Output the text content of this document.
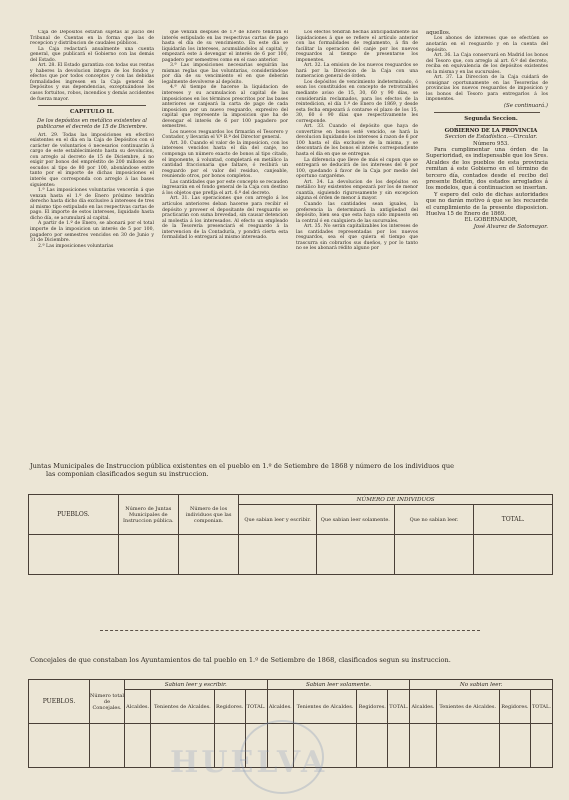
Caja de Depósitos estarán sujetas al juicio del Tribunal de Cuentas en la forma que las de recepcion y distribucion de caudales públicos.

La Caja redactará anualmente una cuenta general, que publicará el Gobierno con las demás del Estado.

Art. 28. El Estado garantiza con todas sus rentas y haberes la devolucion íntegra de los fondos y efectos que por todos conceptos y con las debidas formalidades ingresen en la Caja general de Depósitos y sus dependencias, exceptuándose los casos fortuitos, robos, incendios y demás accidentes de fuerza mayor.

CAPITULO II.

De los depósitos en metálico existentes al publicarse el decreto de 15 de Diciembre.

Art. 29. Todas las imposiciones en efectivo existentes en el día en la Caja de Depósitos con el carácter de voluntarios ó necesarios continuarán á cargo de este establecimiento hasta su devolucion, con arreglo al decreto de 15 de Diciembre, á no exigir por bonos del empréstito de 200 millones de escudos al tipo de 80 por 100, abonándose entre tanto por el importe de dichas imposiciones el interés que corresponda con arreglo á las bases siguientes:

1.ª Las imposiciones voluntarias vencerán á que venzan hasta el 1.º de Enero próximo tendrán derecho hasta dicho día exclusive á intereses de tres al mismo tipo estipulado en las respectivas cartas de pago. El importe de estos intereses, liquidado hasta dicho día, se acumulará al capital.

A partir de 1.º de Enero, se abonará por el total importe de la imposicion un interés de 5 por 100, pagadero por semestres vencidos en 30 de Junio y 31 de Diciembre.

2.ª Las imposiciones voluntarias

que venzan despues de 1.º de Enero tendrán el interés estipulado en las respectivas cartas de pago hasta el día de su vencimiento. En este día se liquidarán los intereses, acumulándolos al capital, y empezará este á devengar el interés de 6 por 100, pagadero por semestres como en el caso anterior.

3.ª Las imposiciones necesarias seguirán las mismas reglas que las voluntarias, considerándose por día de su vencimiento el en que deberán legalmente devolverse al depósito.

4.ª Al tiempo de hacerse la liquidacion de intereses y su acumulacion al capital de las imposiciones en los términos prescritos por las bases anteriores se canjeará la carta de pago de cada imposicion por un nuevo resguardo, expresivo del capital que represente la imposicion que ha de devengar el interés de 6 por 100 pagadero por semestres.

Los nuevos resguardos los firmarán el Tesorero y Contador, y llevarán el V.º B.º del Director general.

Art. 30. Cuando el valor de la imposicion, con los intereses vencidos hasta el día del canje, no componga un número exacto de bonos al tipo citado, el imponente, á voluntad, completará en metálico la cantidad fraccionaria que faltare, ó recibirá un resguardo por el valor del residuo, canjeable, reuniendo otros, por bonos completos.

Las cantidades que por este concepto se recauden ingresarán en el fondo general de la Caja con destino á los objetos que prefija el art. 6.º del decreto.

Art. 31. Las operaciones que con arreglo á los artículos anteriores deban hacerse para recibir el depósito y proveer el depositante del resguardo se practicarán con suma brevedad, sin causar detencion al molestia á los interesados. Al efecto un empleado de la Tesorería presenciará el resguardo á la intervencion de la Contaduría, y pondrá cierta esta formalidad lo entregará al mismo interesado.

Los efectos tendrán hechas anticipadamente las liquidaciones á que se refiere el artículo anterior con las formalidades de reglamento, á fin de facilitar la operacion del canje por los nuevos resguardos al tiempo de presentarse los imponentes.

Art. 32. La emision de los nuevos resguardos se hará por la Direccion de la Caja con una numeracion general de órden.

Los depósitos de vencimiento indeterminado, ó sean los constituidos en concepto de retrotraibles mediante aviso de 15, 30, 60 y 90 días, se considerarán reclamados, para los efectos de la reintedicion, el día 1.º de Enero de 1869, y desde esta fecha empezará á contarse el plazo de los 15, 30, 60 ó 90 días que respectivamente les corresponde.

Art. 33. Cuando el depósito que haya de convertirse en bonos esté vencido, se hará la devolucion liquidando los intereses á razon de 6 por 100 hasta el día exclusive de la misma, y se descontará de los bonos el interés correspondiente hasta el día en que se entregue.

La diferencia que lleve de más el cupon que se entregará se deducirá de los intereses del 6 por 100, quedando á favor de la Caja por medio del oportuno cargaréme.

Art. 34. La devolucion de los depósitos en metálico hoy existentes empezará por los de menor cuantía, siguiendo rigurosamente y sin excepcion alguna el órden de menor á mayor.

Cuando las cantidades sean iguales, la preferencia la determinará la antigüedad del depósito, bien sea que esta haya sido impuesto en la central ó en cualquiera de las sucursales.

Art. 35. No serán capitalizables los intereses de las cantidades representadas por los nuevos resguardos, sea el que quiera el tiempo que trascurra sin cobrarlos sus dueños, y por lo tanto no se les abonará rédito alguno por

aquellos.

Los abonos de intereses que se efectúen se anotarán en el resguardo y en la cuenta del depósito.

Art. 36. La Caja conservará en Madrid los bonos del Tesoro que, con arreglo al art. 6.º del decreto, reciba en equivalencia de los depósitos existentes en la misma y en las sucursales.

Art. 37. La Direccion de la Caja cuidará de consignar oportunamente en las Tesorerías de provincias los nuevos resguardos de imposicion y los bonos del Tesoro para entregarlos á los imponentes.

(Se continuará.)

Segunda Seccion.

GOBIERNO DE LA PROVINCIA

Seccion de Estadística.—Circular.

Número 953.

Para cumplimentar una órden de la Superioridad, es indispensable que los Sres. Alcaldes de los pueblos de esta provincia remitan á este Gobierno en el término de tercero día, contados desde el recibo del presente Boletin, dos estados arreglados á los modelos, que á continuacion se insertan.

Y espero del celo de dichas autoridades que no darán motivo á que se les recuerde el cumplimiento de la presente disposicion. Huelva 15 de Enero de 1869.

EL GOBERNADOR,

José Alvarez de Sotomayor.

Juntas Municipales de Instruccion pública existentes en el pueblo en 1.º de Setiembre de 1868 y número de los individuos que
las componian clasificados segun su instruccion.
PUEBLOS.	Número de Juntas Municipales de Instruccion pública.	Número de los individuos que las componian.	NÚMERO DE INDIVIDUOS			
			Que sabian leer y escribir.	Que sabian leer solamente.	Que no sabian leer.	TOTAL.

Concejales de que constaban los Ayuntamientos de tal pueblo en 1.º de Setiembre de 1868, clasificados segun su instruccion.
PUEBLOS.	Número total de Concejales.	Sabian leer y escribir.				Sabian leer solamente.				No sabian leer.			
		Alcaldes.	Tenientes de Alcaldes.	Regidores.	TOTAL.	Alcaldes.	Tenientes de Alcaldes.	Regidores.	TOTAL.	Alcaldes.	Tenientes de Alcaldes.	Regidores.	TOTAL.

HUELVA
